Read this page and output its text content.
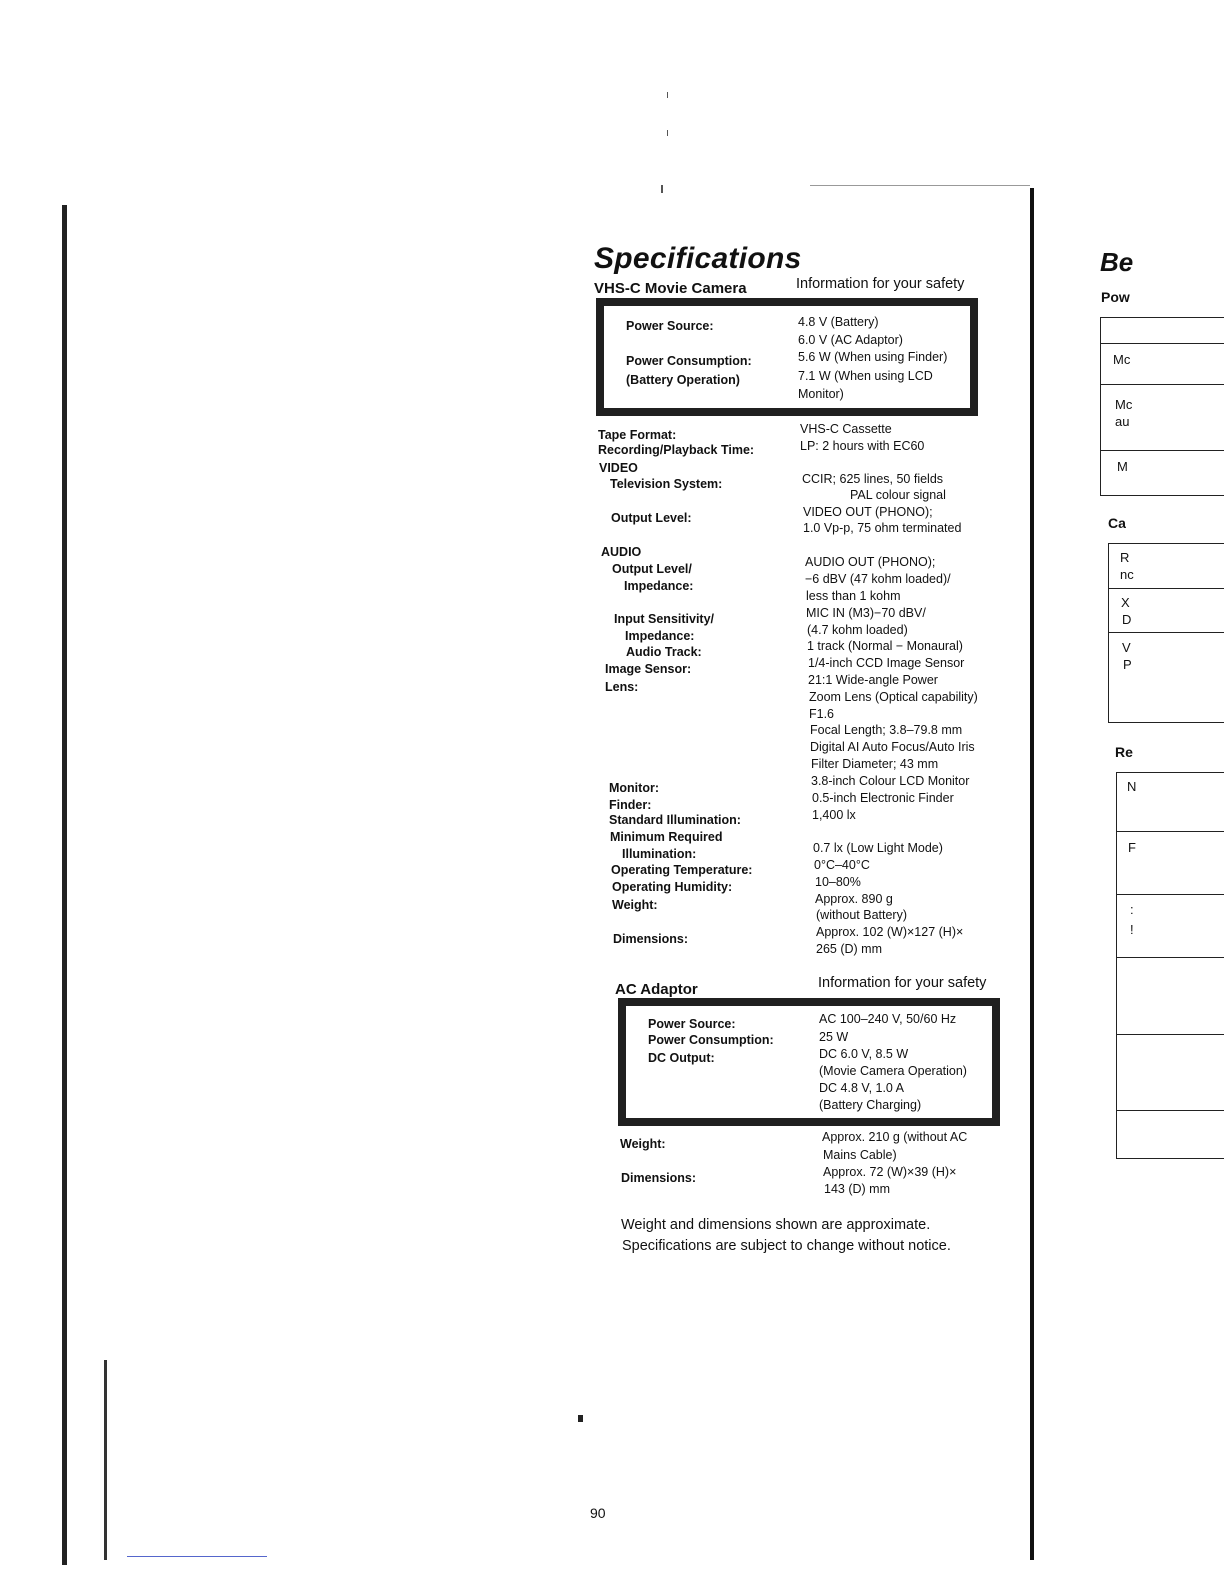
Specifications
VHS-C Movie Camera	Information for your safety
Power Source:
Power Consumption:
(Battery Operation)
4.8 V (Battery)
6.0 V (AC Adaptor)
5.6 W (When using Finder)
7.1 W (When using LCD
Monitor)
Tape Format:
Recording/Playback Time:
VIDEO
Television System:
Output Level:
AUDIO
Output Level/
Impedance:
Input Sensitivity/
Impedance:
Audio Track:
Image Sensor:
Lens:
Monitor:
Finder:
Standard Illumination:
Minimum Required
Illumination:
Operating Temperature:
Operating Humidity:
Weight:
Dimensions:
VHS-C Cassette
LP: 2 hours with EC60
CCIR; 625 lines, 50 fields
PAL colour signal
VIDEO OUT (PHONO);
1.0 Vp-p, 75 ohm terminated
AUDIO OUT (PHONO);
−6 dBV (47 kohm loaded)/
less than 1 kohm
MIC IN (M3)−70 dBV/
(4.7 kohm loaded)
1 track (Normal − Monaural)
1/4-inch CCD Image Sensor
21:1 Wide-angle Power
Zoom Lens (Optical capability)
F1.6
Focal Length; 3.8–79.8 mm
Digital AI Auto Focus/Auto Iris
Filter Diameter; 43 mm
3.8-inch Colour LCD Monitor
0.5-inch Electronic Finder
1,400 lx
0.7 lx (Low Light Mode)
0°C–40°C
10–80%
Approx. 890 g
(without Battery)
Approx. 102 (W)×127 (H)×
265 (D) mm
AC Adaptor	Information for your safety
Power Source:
Power Consumption:
DC Output:
AC 100–240 V, 50/60 Hz
25 W
DC 6.0 V, 8.5 W
(Movie Camera Operation)
DC 4.8 V, 1.0 A
(Battery Charging)
Weight:
Dimensions:
Approx. 210 g (without AC
Mains Cable)
Approx. 72 (W)×39 (H)×
143 (D) mm
Weight and dimensions shown are approximate.
Specifications are subject to change without notice.
90
Be
Pow
Ca
Re
Mc
Mc
au
M
R
nc
X
D
V
P
N
F
:
!
